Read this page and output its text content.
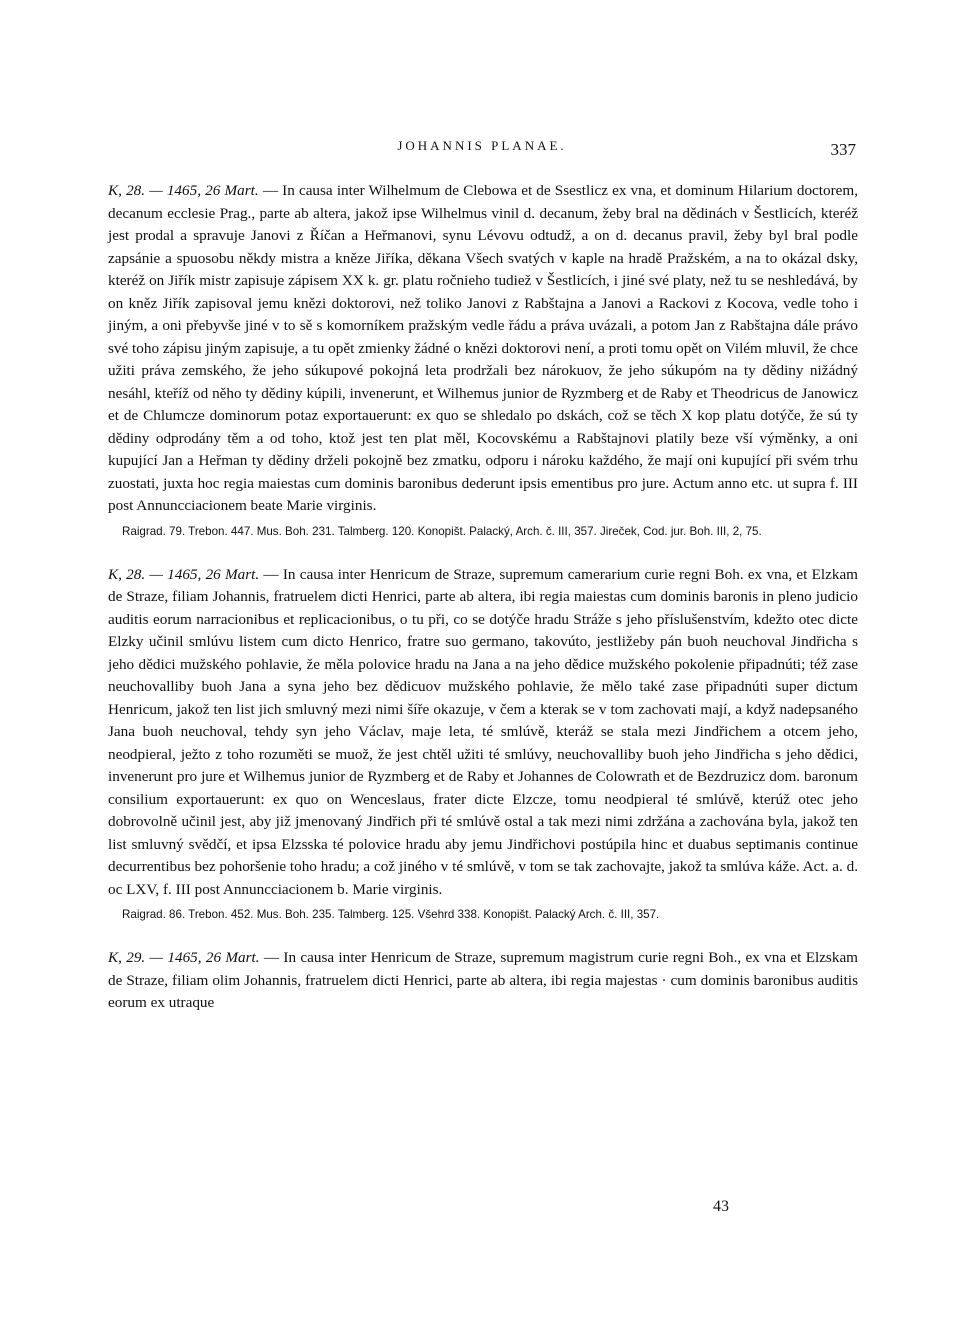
JOHANNIS PLANAE.	337

K, 28. — 1465, 26 Mart. — In causa inter Wilhelmum de Clebowa et de Ssestlicz ex vna, et dominum Hilarium doctorem, decanum ecclesie Prag., parte ab altera, jakož ipse Wilhelmus vinil d. decanum, žeby bral na dědinách v Šestlicích, kteréž jest prodal a spravuje Janovi z Říčan a Heřmanovi, synu Lévovu odtudž, a on d. decanus pravil, žeby byl bral podle zapsánie a spuosobu někdy mistra a kněze Jiříka, děkana Všech svatých v kaple na hradě Pražském, a na to okázal dsky, kteréž on Jiřík mistr zapisuje zápisem XX k. gr. platu ročnieho tudiež v Šestlicích, i jiné své platy, než tu se neshledává, by on kněz Jiřík zapisoval jemu knězi doktorovi, než toliko Janovi z Rabštajna a Janovi a Rackovi z Kocova, vedle toho i jiným, a oni přebyvše jiné v to sě s komorníkem pražským vedle řádu a práva uvázali, a potom Jan z Rabštajna dále právo své toho zápisu jiným zapisuje, a tu opět zmienky žádné o knězi doktorovi není, a proti tomu opět on Vilém mluvil, že chce užiti práva zemského, že jeho súkupové pokojná leta prodržali bez nárokuov, že jeho súkupóm na ty dědiny nižádný nesáhl, kteříž od něho ty dědiny kúpili, invenerunt, et Wilhemus junior de Ryzmberg et de Raby et Theodricus de Janowicz et de Chlumcze dominorum potaz exportauerunt: ex quo se shledalo po dskách, což se těch X kop platu dotýče, že sú ty dědiny odprodány těm a od toho, ktož jest ten plat měl, Kocovskému a Rabštajnovi platily beze vší výměnky, a oni kupující Jan a Heřman ty dědiny drželi pokojně bez zmatku, odporu i nároku každého, že mají oni kupující při svém trhu zuostati, juxta hoc regia maiestas cum dominis baronibus dederunt ipsis ementibus pro jure. Actum anno etc. ut supra f. III post Annuncciacionem beate Marie virginis.

Raigrad. 79. Trebon. 447. Mus. Boh. 231. Talmberg. 120. Konopišt. Palacký, Arch. č. III, 357. Jireček, Cod. jur. Boh. III, 2, 75.

K, 28. — 1465, 26 Mart. — In causa inter Henricum de Straze, supremum camerarium curie regni Boh. ex vna, et Elzkam de Straze, filiam Johannis, fratruelem dicti Henrici, parte ab altera, ibi regia maiestas cum dominis baronis in pleno judicio auditis eorum narracionibus et replicacionibus, o tu při, co se dotýče hradu Stráže s jeho příslušenstvím, kdežto otec dicte Elzky učinil smlúvu listem cum dicto Henrico, fratre suo germano, takovúto, jestližeby pán buoh neuchoval Jindřicha s jeho dědici mužského pohlavie, že měla polovice hradu na Jana a na jeho dědice mužského pokolenie připadnúti; též zase neuchovalliby buoh Jana a syna jeho bez dědicuov mužského pohlavie, že mělo také zase připadnúti super dictum Henricum, jakož ten list jich smluvný mezi nimi šíře okazuje, v čem a kterak se v tom zachovati mají, a když nadepsaného Jana buoh neuchoval, tehdy syn jeho Václav, maje leta, té smlúvě, kteráž se stala mezi Jindřichem a otcem jeho, neodpieral, ježto z toho rozuměti se muož, že jest chtěl užiti té smlúvy, neuchovalliby buoh jeho Jindřicha s jeho dědici, invenerunt pro jure et Wilhemus junior de Ryzmberg et de Raby et Johannes de Colowrath et de Bezdruzicz dom. baronum consilium exportauerunt: ex quo on Wenceslaus, frater dicte Elzcze, tomu neodpieral té smlúvě, kterúž otec jeho dobrovolně učinil jest, aby již jmenovaný Jindřich při té smlúvě ostal a tak mezi nimi zdržána a zachována byla, jakož ten list smluvný svědčí, et ipsa Elzsska té polovice hradu aby jemu Jindřichovi postúpila hinc et duabus septimanis continue decurrentibus bez pohoršenie toho hradu; a což jiného v té smlúvě, v tom se tak zachovajte, jakož ta smlúva káže. Act. a. d. oc LXV, f. III post Annuncciacionem b. Marie virginis.

Raigrad. 86. Trebon. 452. Mus. Boh. 235. Talmberg. 125. Všehrd 338. Konopišt. Palacký Arch. č. III, 357.

K, 29. — 1465, 26 Mart. — In causa inter Henricum de Straze, supremum magistrum curie regni Boh., ex vna et Elzskam de Straze, filiam olim Johannis, fratruelem dicti Henrici, parte ab altera, ibi regia majestas · cum dominis baronibus auditis eorum ex utraque

43
